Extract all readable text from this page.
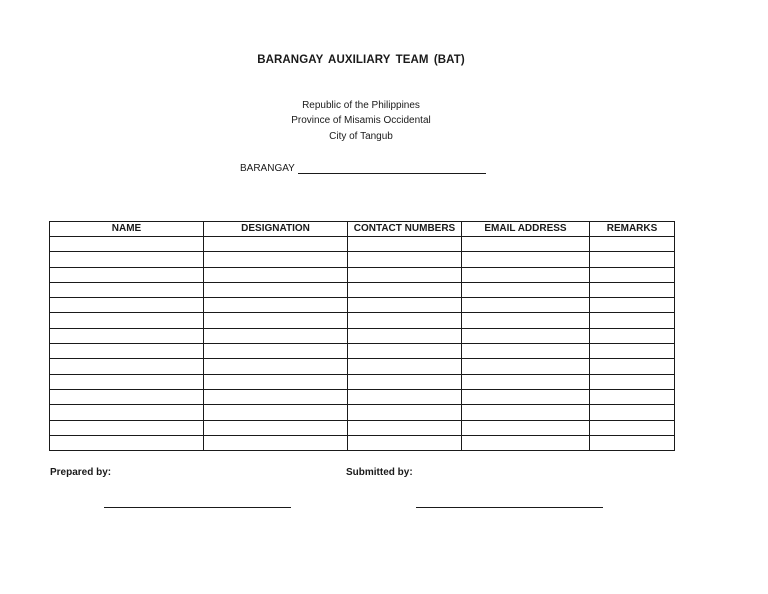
BARANGAY AUXILIARY TEAM (BAT)
Republic of the Philippines
Province of Misamis Occidental
City of Tangub
BARANGAY
NAME	DESIGNATION	CONTACT NUMBERS	EMAIL ADDRESS	REMARKS

Prepared by:	Submitted by:
